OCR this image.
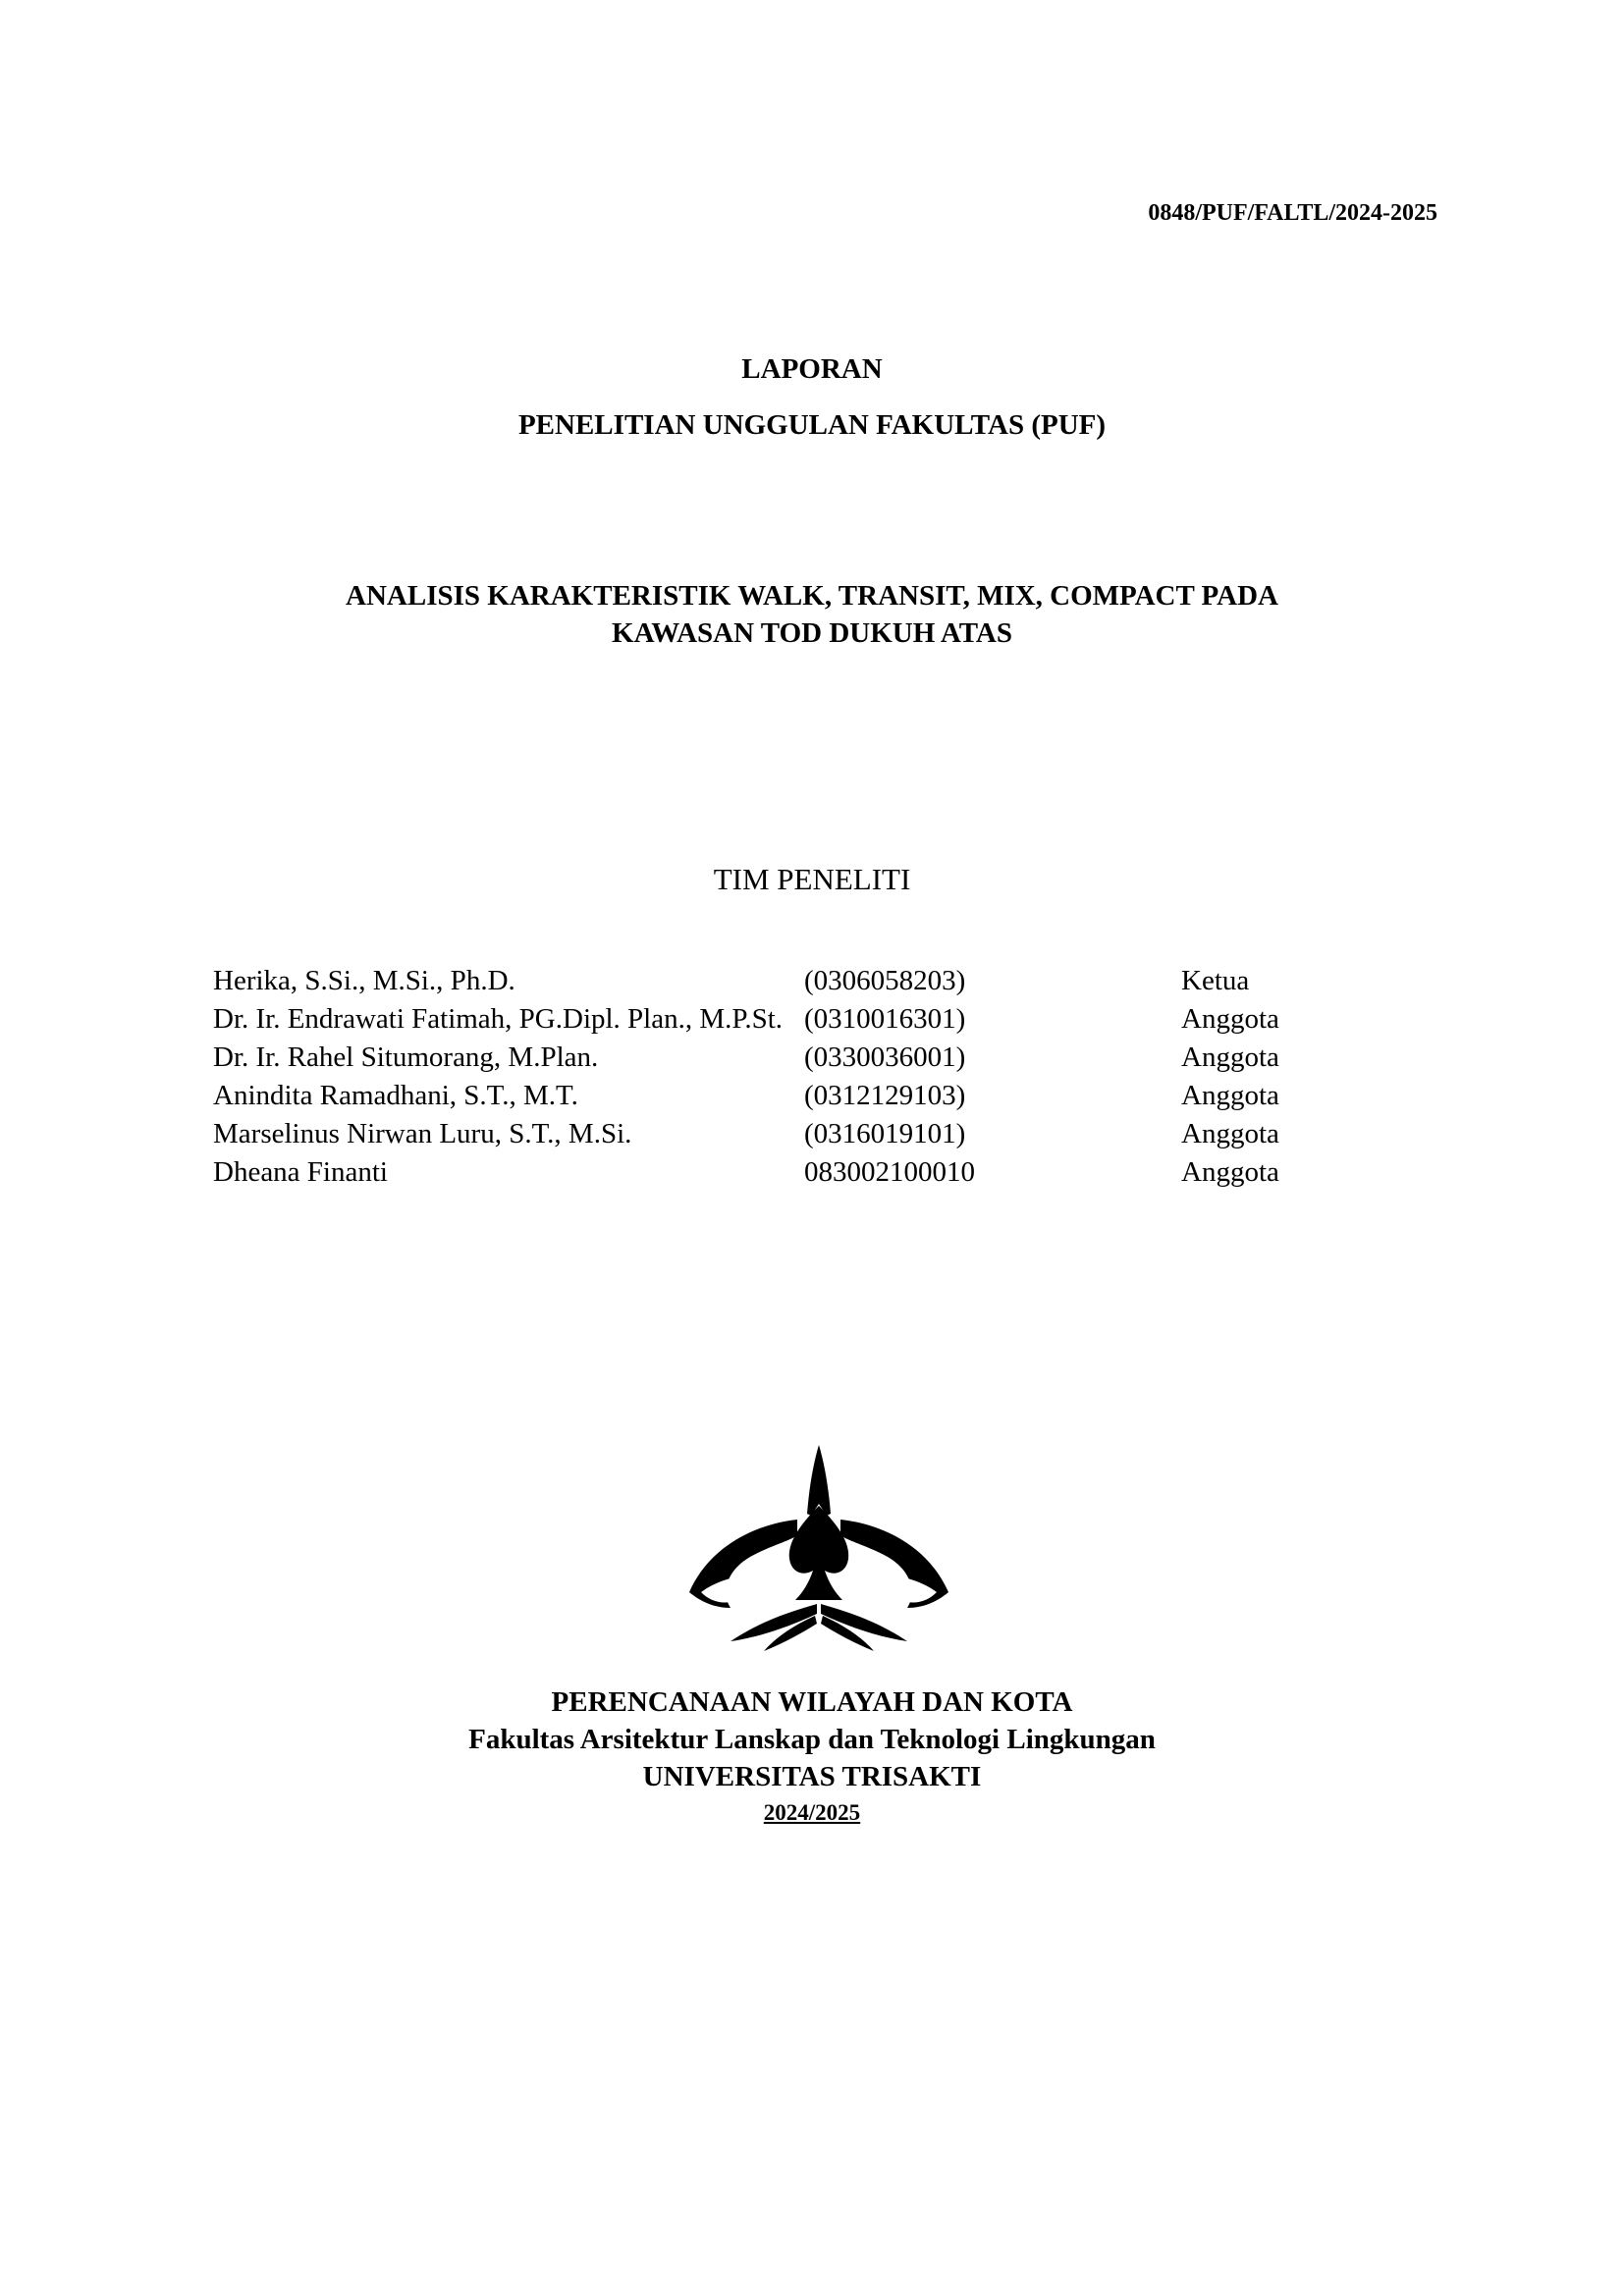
0848/PUF/FALTL/2024-2025
LAPORAN
PENELITIAN UNGGULAN FAKULTAS (PUF)
ANALISIS KARAKTERISTIK WALK, TRANSIT, MIX, COMPACT PADA
KAWASAN TOD DUKUH ATAS
TIM PENELITI
Herika, S.Si., M.Si., Ph.D.	(0306058203)	Ketua
Dr. Ir. Endrawati Fatimah, PG.Dipl. Plan., M.P.St.	(0310016301)	Anggota
Dr. Ir. Rahel Situmorang, M.Plan.	(0330036001)	Anggota
Anindita Ramadhani, S.T., M.T.	(0312129103)	Anggota
Marselinus Nirwan Luru, S.T., M.Si.	(0316019101)	Anggota
Dheana Finanti	083002100010	Anggota
PERENCANAAN WILAYAH DAN KOTA
Fakultas Arsitektur Lanskap dan Teknologi Lingkungan
UNIVERSITAS TRISAKTI
2024/2025
